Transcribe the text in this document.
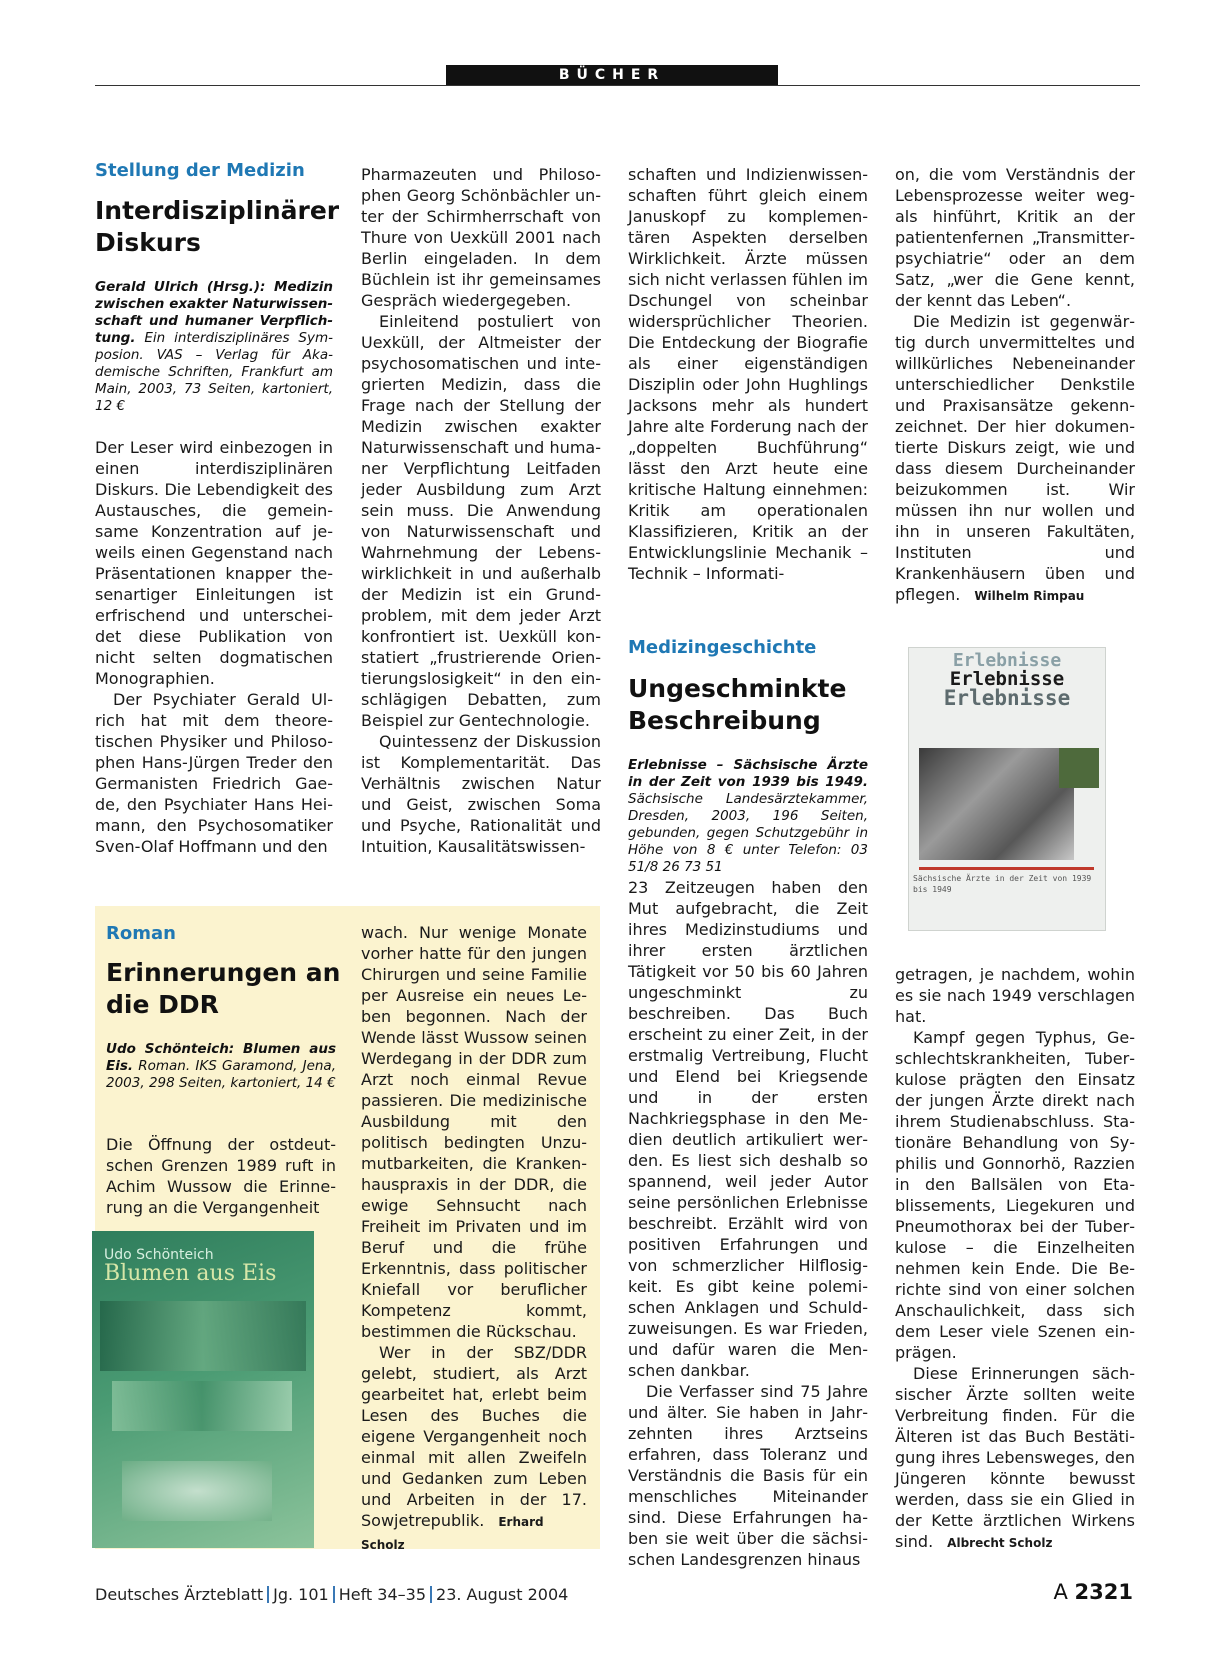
BÜCHER
Stellung der Medizin
Interdisziplinärer
Diskurs
Gerald Ulrich (Hrsg.): Medizin zwischen exakter Naturwissenschaft und humaner Verpflichtung. Ein interdisziplinäres Symposion. VAS – Verlag für Akademische Schriften, Frankfurt am Main, 2003, 73 Seiten, kartoniert, 12 €

Der Leser wird einbezogen in einen interdisziplinären Diskurs. Die Lebendigkeit des Austausches, die gemeinsame Konzentration auf jeweils einen Gegenstand nach Präsentationen knapper thesenartiger Einleitungen ist erfrischend und unterscheidet diese Publikation von nicht selten dogmatischen Monographien.

Der Psychiater Gerald Ulrich hat mit dem theoretischen Physiker und Philosophen Hans-Jürgen Treder den Germanisten Friedrich Gaede, den Psychiater Hans Heimann, den Psychosomatiker Sven-Olaf Hoffmann und den

Pharmazeuten und Philosophen Georg Schönbächler unter der Schirmherrschaft von Thure von Uexküll 2001 nach Berlin eingeladen. In dem Büchlein ist ihr gemeinsames Gespräch wiedergegeben.

Einleitend postuliert von Uexküll, der Altmeister der psychosomatischen und integrierten Medizin, dass die Frage nach der Stellung der Medizin zwischen exakter Naturwissenschaft und humaner Verpflichtung Leitfaden jeder Ausbildung zum Arzt sein muss. Die Anwendung von Naturwissenschaft und Wahrnehmung der Lebenswirklichkeit in und außerhalb der Medizin ist ein Grundproblem, mit dem jeder Arzt konfrontiert ist. Uexküll konstatiert „frustrierende Orientierungslosigkeit“ in den einschlägigen Debatten, zum Beispiel zur Gentechnologie.

Quintessenz der Diskussion ist Komplementarität. Das Verhältnis zwischen Natur und Geist, zwischen Soma und Psyche, Rationalität und Intuition, Kausalitätswissen-

schaften und Indizienwissenschaften führt gleich einem Januskopf zu komplementären Aspekten derselben Wirklichkeit. Ärzte müssen sich nicht verlassen fühlen im Dschungel von scheinbar widersprüchlicher Theorien. Die Entdeckung der Biografie als einer eigenständigen Disziplin oder John Hughlings Jacksons mehr als hundert Jahre alte Forderung nach der „doppelten Buchführung“ lässt den Arzt heute eine kritische Haltung einnehmen: Kritik am operationalen Klassifizieren, Kritik an der Entwicklungslinie Mechanik – Technik – Informati-

on, die vom Verständnis der Lebensprozesse weiter wegals hinführt, Kritik an der patientenfernen „Transmitterpsychiatrie“ oder an dem Satz, „wer die Gene kennt, der kennt das Leben“.

Die Medizin ist gegenwärtig durch unvermitteltes und willkürliches Nebeneinander unterschiedlicher Denkstile und Praxisansätze gekennzeichnet. Der hier dokumentierte Diskurs zeigt, wie und dass diesem Durcheinander beizukommen ist. Wir müssen ihn nur wollen und ihn in unseren Fakultäten, Instituten und Krankenhäusern üben und pflegen. Wilhelm Rimpau

Roman
Erinnerungen an
die DDR
Udo Schönteich: Blumen aus Eis. Roman. IKS Garamond, Jena, 2003, 298 Seiten, kartoniert, 14 €

Die Öffnung der ostdeutschen Grenzen 1989 ruft in Achim Wussow die Erinnerung an die Vergangenheit

Udo Schönteich
Blumen aus Eis

wach. Nur wenige Monate vorher hatte für den jungen Chirurgen und seine Familie per Ausreise ein neues Leben begonnen. Nach der Wende lässt Wussow seinen Werdegang in der DDR zum Arzt noch einmal Revue passieren. Die medizinische Ausbildung mit den politisch bedingten Unzumutbarkeiten, die Krankenhauspraxis in der DDR, die ewige Sehnsucht nach Freiheit im Privaten und im Beruf und die frühe Erkenntnis, dass politischer Kniefall vor beruflicher Kompetenz kommt, bestimmen die Rückschau.

Wer in der SBZ/DDR gelebt, studiert, als Arzt gearbeitet hat, erlebt beim Lesen des Buches die eigene Vergangenheit noch einmal mit allen Zweifeln und Gedanken zum Leben und Arbeiten in der 17. Sowjetrepublik. Erhard Scholz

Medizingeschichte
Ungeschminkte
Beschreibung
Erlebnisse – Sächsische Ärzte in der Zeit von 1939 bis 1949. Sächsische Landesärztekammer, Dresden, 2003, 196 Seiten, gebunden, gegen Schutzgebühr in Höhe von 8 € unter Telefon: 03 51/8 26 73 51

23 Zeitzeugen haben den Mut aufgebracht, die Zeit ihres Medizinstudiums und ihrer ersten ärztlichen Tätigkeit vor 50 bis 60 Jahren ungeschminkt zu beschreiben. Das Buch erscheint zu einer Zeit, in der erstmalig Vertreibung, Flucht und Elend bei Kriegsende und in der ersten Nachkriegsphase in den Medien deutlich artikuliert werden. Es liest sich deshalb so spannend, weil jeder Autor seine persönlichen Erlebnisse beschreibt. Erzählt wird von positiven Erfahrungen und von schmerzlicher Hilflosigkeit. Es gibt keine polemischen Anklagen und Schuldzuweisungen. Es war Frieden, und dafür waren die Menschen dankbar.

Die Verfasser sind 75 Jahre und älter. Sie haben in Jahrzehnten ihres Arztseins erfahren, dass Toleranz und Verständnis die Basis für ein menschliches Miteinander sind. Diese Erfahrungen haben sie weit über die sächsischen Landesgrenzen hinaus

Erlebnisse
Erlebnisse
Erlebnisse
Sächsische Ärzte in der Zeit von 1939 bis 1949

getragen, je nachdem, wohin es sie nach 1949 verschlagen hat.

Kampf gegen Typhus, Geschlechtskrankheiten, Tuberkulose prägten den Einsatz der jungen Ärzte direkt nach ihrem Studienabschluss. Stationäre Behandlung von Syphilis und Gonnorhö, Razzien in den Ballsälen von Etablissements, Liegekuren und Pneumothorax bei der Tuberkulose – die Einzelheiten nehmen kein Ende. Die Berichte sind von einer solchen Anschaulichkeit, dass sich dem Leser viele Szenen einprägen.

Diese Erinnerungen sächsischer Ärzte sollten weite Verbreitung finden. Für die Älteren ist das Buch Bestätigung ihres Lebensweges, den Jüngeren könnte bewusst werden, dass sie ein Glied in der Kette ärztlichen Wirkens sind. Albrecht Scholz

Deutsches Ärzteblatt Jg. 101 Heft 34–35 23. August 2004	A 2321
